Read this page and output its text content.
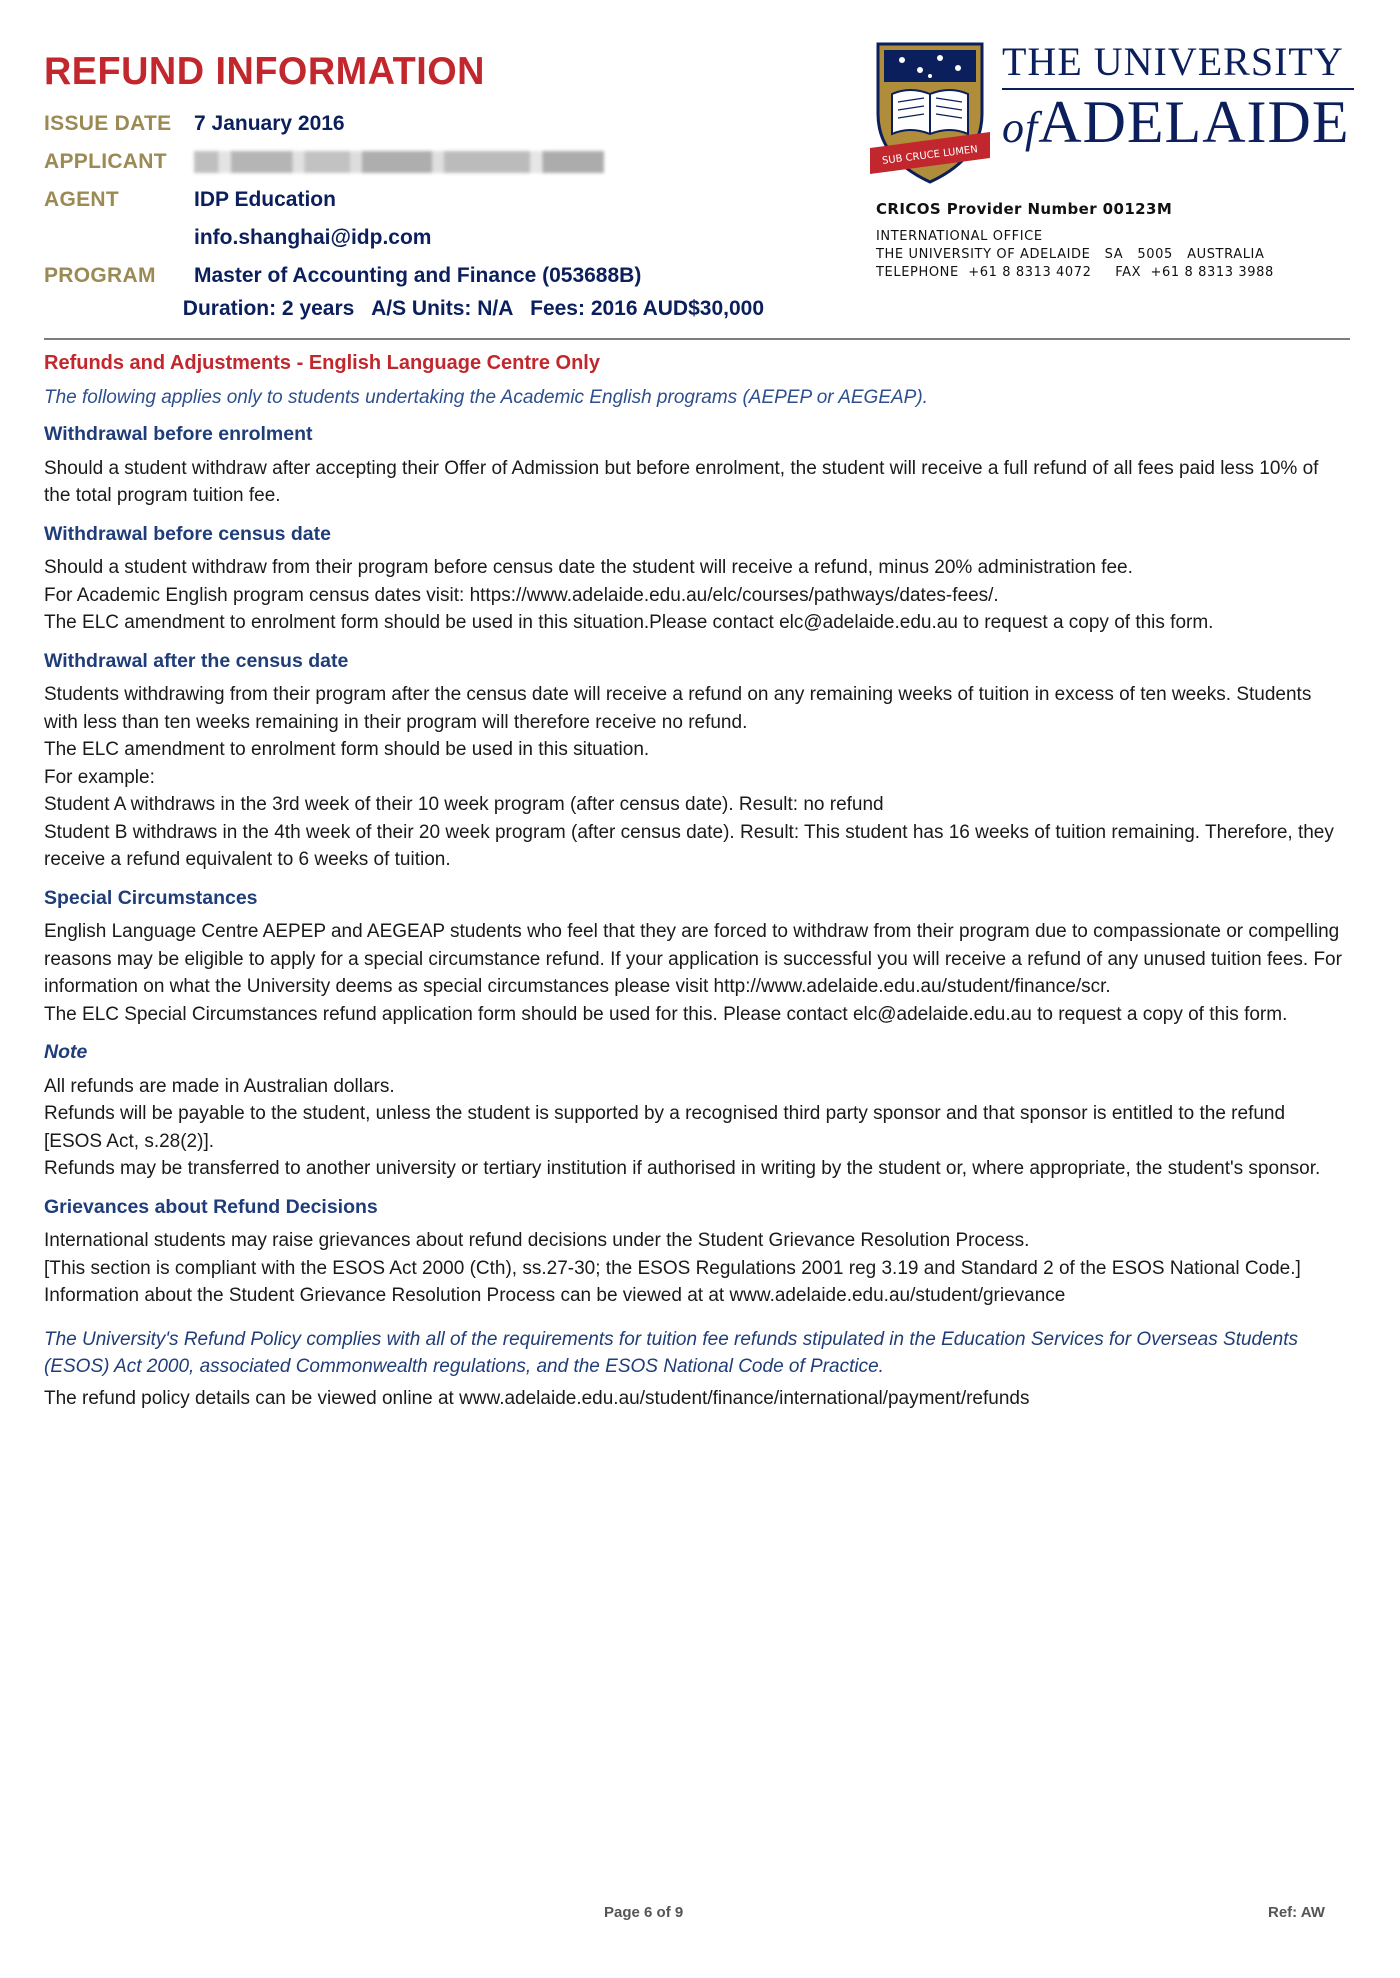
REFUND INFORMATION
ISSUE DATE	7 January 2016
APPLICANT
AGENT	IDP Education
info.shanghai@idp.com
PROGRAM	Master of Accounting and Finance (053688B)
Duration: 2 years   A/S Units: N/A   Fees: 2016 AUD$30,000
SUB CRUCE LUMEN

THE UNIVERSITY

ofADELAIDE

CRICOS Provider Number 00123M
INTERNATIONAL OFFICE
THE UNIVERSITY OF ADELAIDE   SA   5005   AUSTRALIA
TELEPHONE  +61 8 8313 4072     FAX  +61 8 8313 3988

Refunds and Adjustments - English Language Centre Only

The following applies only to students undertaking the Academic English programs (AEPEP or AEGEAP).

Withdrawal before enrolment

Should a student withdraw after accepting their Offer of Admission but before enrolment, the student will receive a full refund of all fees paid less 10% of the total program tuition fee.

Withdrawal before census date

Should a student withdraw from their program before census date the student will receive a refund, minus 20% administration fee.

For Academic English program census dates visit: https://www.adelaide.edu.au/elc/courses/pathways/dates-fees/.

The ELC amendment to enrolment form should be used in this situation.Please contact elc@adelaide.edu.au to request a copy of this form.

Withdrawal after the census date

Students withdrawing from their program after the census date will receive a refund on any remaining weeks of tuition in excess of ten weeks. Students with less than ten weeks remaining in their program will therefore receive no refund.

The ELC amendment to enrolment form should be used in this situation.

For example:

Student A withdraws in the 3rd week of their 10 week program (after census date). Result: no refund

Student B withdraws in the 4th week of their 20 week program (after census date). Result: This student has 16 weeks of tuition remaining. Therefore, they receive a refund equivalent to 6 weeks of tuition.

Special Circumstances

English Language Centre AEPEP and AEGEAP students who feel that they are forced to withdraw from their program due to compassionate or compelling reasons may be eligible to apply for a special circumstance refund. If your application is successful you will receive a refund of any unused tuition fees. For information on what the University deems as special circumstances please visit http://www.adelaide.edu.au/student/finance/scr.

The ELC Special Circumstances refund application form should be used for this. Please contact elc@adelaide.edu.au to request a copy of this form.

Note

All refunds are made in Australian dollars.

Refunds will be payable to the student, unless the student is supported by a recognised third party sponsor and that sponsor is entitled to the refund [ESOS Act, s.28(2)].

Refunds may be transferred to another university or tertiary institution if authorised in writing by the student or, where appropriate, the student's sponsor.

Grievances about Refund Decisions

International students may raise grievances about refund decisions under the Student Grievance Resolution Process.

[This section is compliant with the ESOS Act 2000 (Cth), ss.27-30; the ESOS Regulations 2001 reg 3.19 and Standard 2 of the ESOS National Code.]

Information about the Student Grievance Resolution Process can be viewed at at www.adelaide.edu.au/student/grievance

The University's Refund Policy complies with all of the requirements for tuition fee refunds stipulated in the Education Services for Overseas Students (ESOS) Act 2000, associated Commonwealth regulations, and the ESOS National Code of Practice.

The refund policy details can be viewed online at www.adelaide.edu.au/student/finance/international/payment/refunds

Page 6 of 9	Ref: AW
